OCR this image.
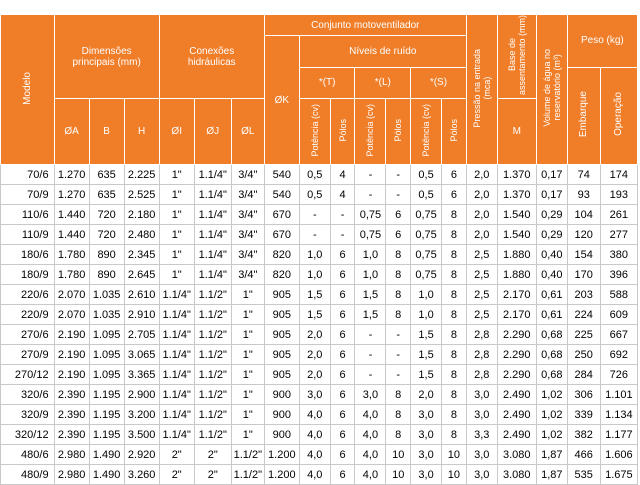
Modelo	Dimensões
principais (mm)			Conexões
hidráulicas			Conjunto motoventilador							Pressão na entrada (mca)	Base de assentamento (mm)	Volume de água no reservatório (m³)	Peso (kg)	
							ØK	Níveis de ruído										
								*(T)		*(L)		*(S)					Embarque	Operação
	ØA	B	H	ØI	ØJ	ØL		Potência (cv)	Pólos	Potência (cv)	Pólos	Potência (cv)	Pólos		M			
70/6	1.270	635	2.225	1"	1.1/4"	3/4"	540	0,5	4	-	-	0,5	6	2,0	1.370	0,17	74	174
70/9	1.270	635	2.525	1"	1.1/4"	3/4"	540	0,5	4	-	-	0,5	6	2,0	1.370	0,17	93	193
110/6	1.440	720	2.180	1"	1.1/4"	3/4"	670	-	-	0,75	6	0,75	8	2,0	1.540	0,29	104	261
110/9	1.440	720	2.480	1"	1.1/4"	3/4"	670	-	-	0,75	6	0,75	8	2,0	1.540	0,29	120	277
180/6	1.780	890	2.345	1"	1.1/4"	3/4"	820	1,0	6	1,0	8	0,75	8	2,5	1.880	0,40	154	380
180/9	1.780	890	2.645	1"	1.1/4"	3/4"	820	1,0	6	1,0	8	0,75	8	2,5	1.880	0,40	170	396
220/6	2.070	1.035	2.610	1.1/4"	1.1/2"	1"	905	1,5	6	1,5	8	1,0	8	2,5	2.170	0,61	203	588
220/9	2.070	1.035	2.910	1.1/4"	1.1/2"	1"	905	1,5	6	1,5	8	1,0	8	2,5	2.170	0,61	224	609
270/6	2.190	1.095	2.705	1.1/4"	1.1/2"	1"	905	2,0	6	-	-	1,5	8	2,8	2.290	0,68	225	667
270/9	2.190	1.095	3.065	1.1/4"	1.1/2"	1"	905	2,0	6	-	-	1,5	8	2,8	2.290	0,68	250	692
270/12	2.190	1.095	3.365	1.1/4"	1.1/2"	1"	905	2,0	6	-	-	1,5	8	2,8	2.290	0,68	284	726
320/6	2.390	1.195	2.900	1.1/4"	1.1/2"	1"	900	3,0	6	3,0	8	2,0	8	3,0	2.490	1,02	306	1.101
320/9	2.390	1.195	3.200	1.1/4"	1.1/2"	1"	900	4,0	6	4,0	8	3,0	8	3,0	2.490	1,02	339	1.134
320/12	2.390	1.195	3.500	1.1/4"	1.1/2"	1"	900	4,0	6	4,0	8	3,0	8	3,3	2.490	1,02	382	1.177
480/6	2.980	1.490	2.920	2"	2"	1.1/2"	1.200	4,0	6	4,0	10	3,0	10	3,0	3.080	1,87	466	1.606
480/9	2.980	1.490	3.260	2"	2"	1.1/2"	1.200	4,0	6	4,0	10	3,0	10	3,0	3.080	1,87	535	1.675
